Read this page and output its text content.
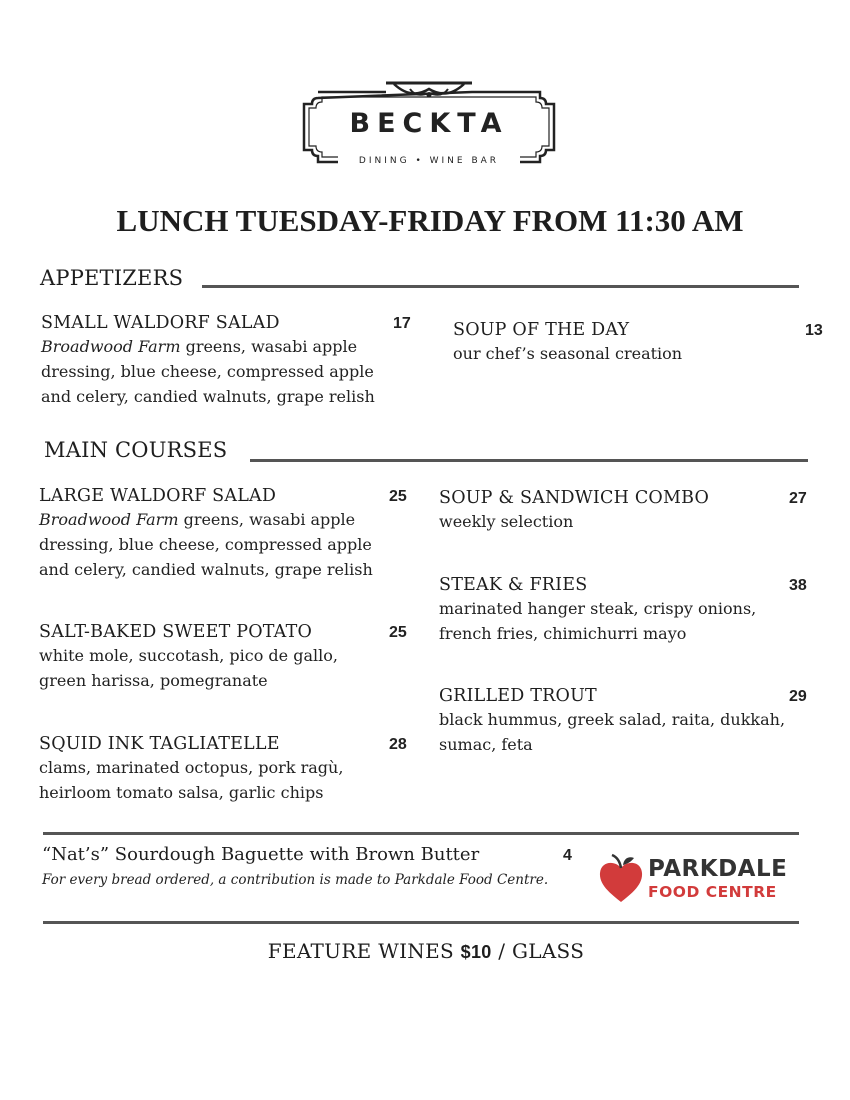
BECKTA
DINING • WINE BAR
LUNCH TUESDAY-FRIDAY FROM 11:30 AM
APPETIZERS
SMALL WALDORF SALAD	17
Broadwood Farm greens, wasabi apple
dressing, blue cheese, compressed apple
and celery, candied walnuts, grape relish
SOUP OF THE DAY	13
our chef’s seasonal creation
MAIN COURSES
LARGE WALDORF SALAD	25
Broadwood Farm greens, wasabi apple
dressing, blue cheese, compressed apple
and celery, candied walnuts, grape relish
SALT-BAKED SWEET POTATO	25
white mole, succotash, pico de gallo,
green harissa, pomegranate
SQUID INK TAGLIATELLE	28
clams, marinated octopus, pork ragù,
heirloom tomato salsa, garlic chips
SOUP & SANDWICH COMBO	27
weekly selection
STEAK & FRIES	38
marinated hanger steak, crispy onions,
french fries, chimichurri mayo
GRILLED TROUT	29
black hummus, greek salad, raita, dukkah,
sumac, feta
“Nat’s” Sourdough Baguette with Brown Butter	4
For every bread ordered, a contribution is made to Parkdale Food Centre.	PARKDALE
FOOD CENTRE
FEATURE WINES $10 / GLASS
